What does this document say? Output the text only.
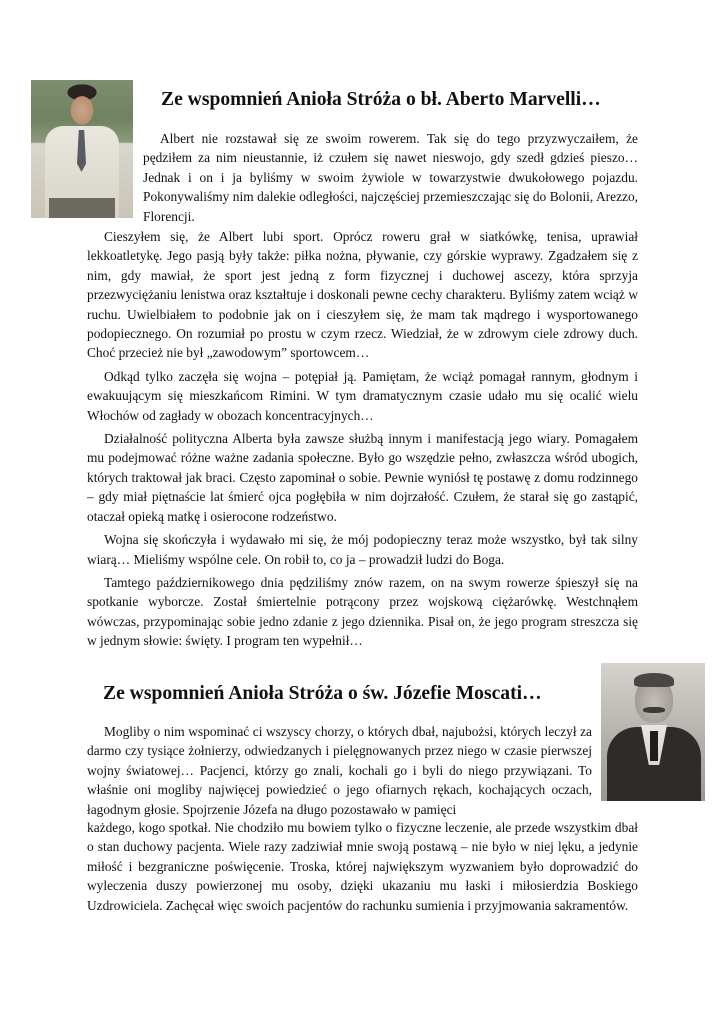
Ze wspomnień Anioła Stróża o bł. Aberto Marvelli…

Albert nie rozstawał się ze swoim rowerem. Tak się do tego przyzwyczaiłem, że pędziłem za nim nieustannie, iż czułem się nawet nieswojo, gdy szedł gdzieś pieszo… Jednak i on i ja byliśmy w swoim żywiole w towarzystwie dwukołowego pojazdu. Pokonywaliśmy nim dalekie odległości, najczęściej przemieszczając się do Bolonii, Arezzo, Florencji.

Cieszyłem się, że Albert lubi sport. Oprócz roweru grał w siatkówkę, tenisa, uprawiał lekkoatletykę. Jego pasją były także: piłka nożna, pływanie, czy górskie wyprawy. Zgadzałem się z nim, gdy mawiał, że sport jest jedną z form fizycznej i duchowej ascezy, która sprzyja przezwyciężaniu lenistwa oraz kształtuje i doskonali pewne cechy charakteru. Byliśmy zatem wciąż w ruchu. Uwielbiałem to podobnie jak on i cieszyłem się, że mam tak mądrego i wysportowanego podopiecznego. On rozumiał po prostu w czym rzecz. Wiedział, że w zdrowym ciele zdrowy duch. Choć przecież nie był „zawodowym” sportowcem…

Odkąd tylko zaczęła się wojna – potępiał ją. Pamiętam, że wciąż pomagał rannym, głodnym i ewakuującym się mieszkańcom Rimini. W tym dramatycznym czasie udało mu się ocalić wielu Włochów od zagłady w obozach koncentracyjnych…

Działalność polityczna Alberta była zawsze służbą innym i manifestacją jego wiary. Pomagałem mu podejmować różne ważne zadania społeczne. Było go wszędzie pełno, zwłaszcza wśród ubogich, których traktował jak braci. Często zapominał o sobie. Pewnie wyniósł tę postawę z domu rodzinnego – gdy miał piętnaście lat śmierć ojca pogłębiła w nim dojrzałość. Czułem, że starał się go zastąpić, otaczał opieką matkę i osierocone rodzeństwo.

Wojna się skończyła i wydawało mi się, że mój podopieczny teraz może wszystko, był tak silny wiarą… Mieliśmy wspólne cele. On robił to, co ja – prowadził ludzi do Boga.

Tamtego październikowego dnia pędziliśmy znów razem, on na swym rowerze śpieszył się na spotkanie wyborcze. Został śmiertelnie potrącony przez wojskową ciężarówkę. Westchnąłem wówczas, przypominając sobie jedno zdanie z jego dziennika. Pisał on, że jego program streszcza się w jednym słowie: święty. I program ten wypełnił…

Ze wspomnień Anioła Stróża o św. Józefie Moscati…

Mogliby o nim wspominać ci wszyscy chorzy, o których dbał, najubożsi, których leczył za darmo czy tysiące żołnierzy, odwiedzanych i pielęgnowanych przez niego w czasie pierwszej wojny światowej… Pacjenci, którzy go znali, kochali go i byli do niego przywiązani. To właśnie oni mogliby najwięcej powiedzieć o jego ofiarnych rękach, kochających oczach, łagodnym głosie. Spojrzenie Józefa na długo pozostawało w pamięci

każdego, kogo spotkał. Nie chodziło mu bowiem tylko o fizyczne leczenie, ale przede wszystkim dbał o stan duchowy pacjenta. Wiele razy zadziwiał mnie swoją postawą – nie było w niej lęku, a jedynie miłość i bezgraniczne poświęcenie. Troska, której największym wyzwaniem było doprowadzić do wyleczenia duszy powierzonej mu osoby, dzięki ukazaniu mu łaski i miłosierdzia Boskiego Uzdrowiciela. Zachęcał więc swoich pacjentów do rachunku sumienia i przyjmowania sakramentów.
